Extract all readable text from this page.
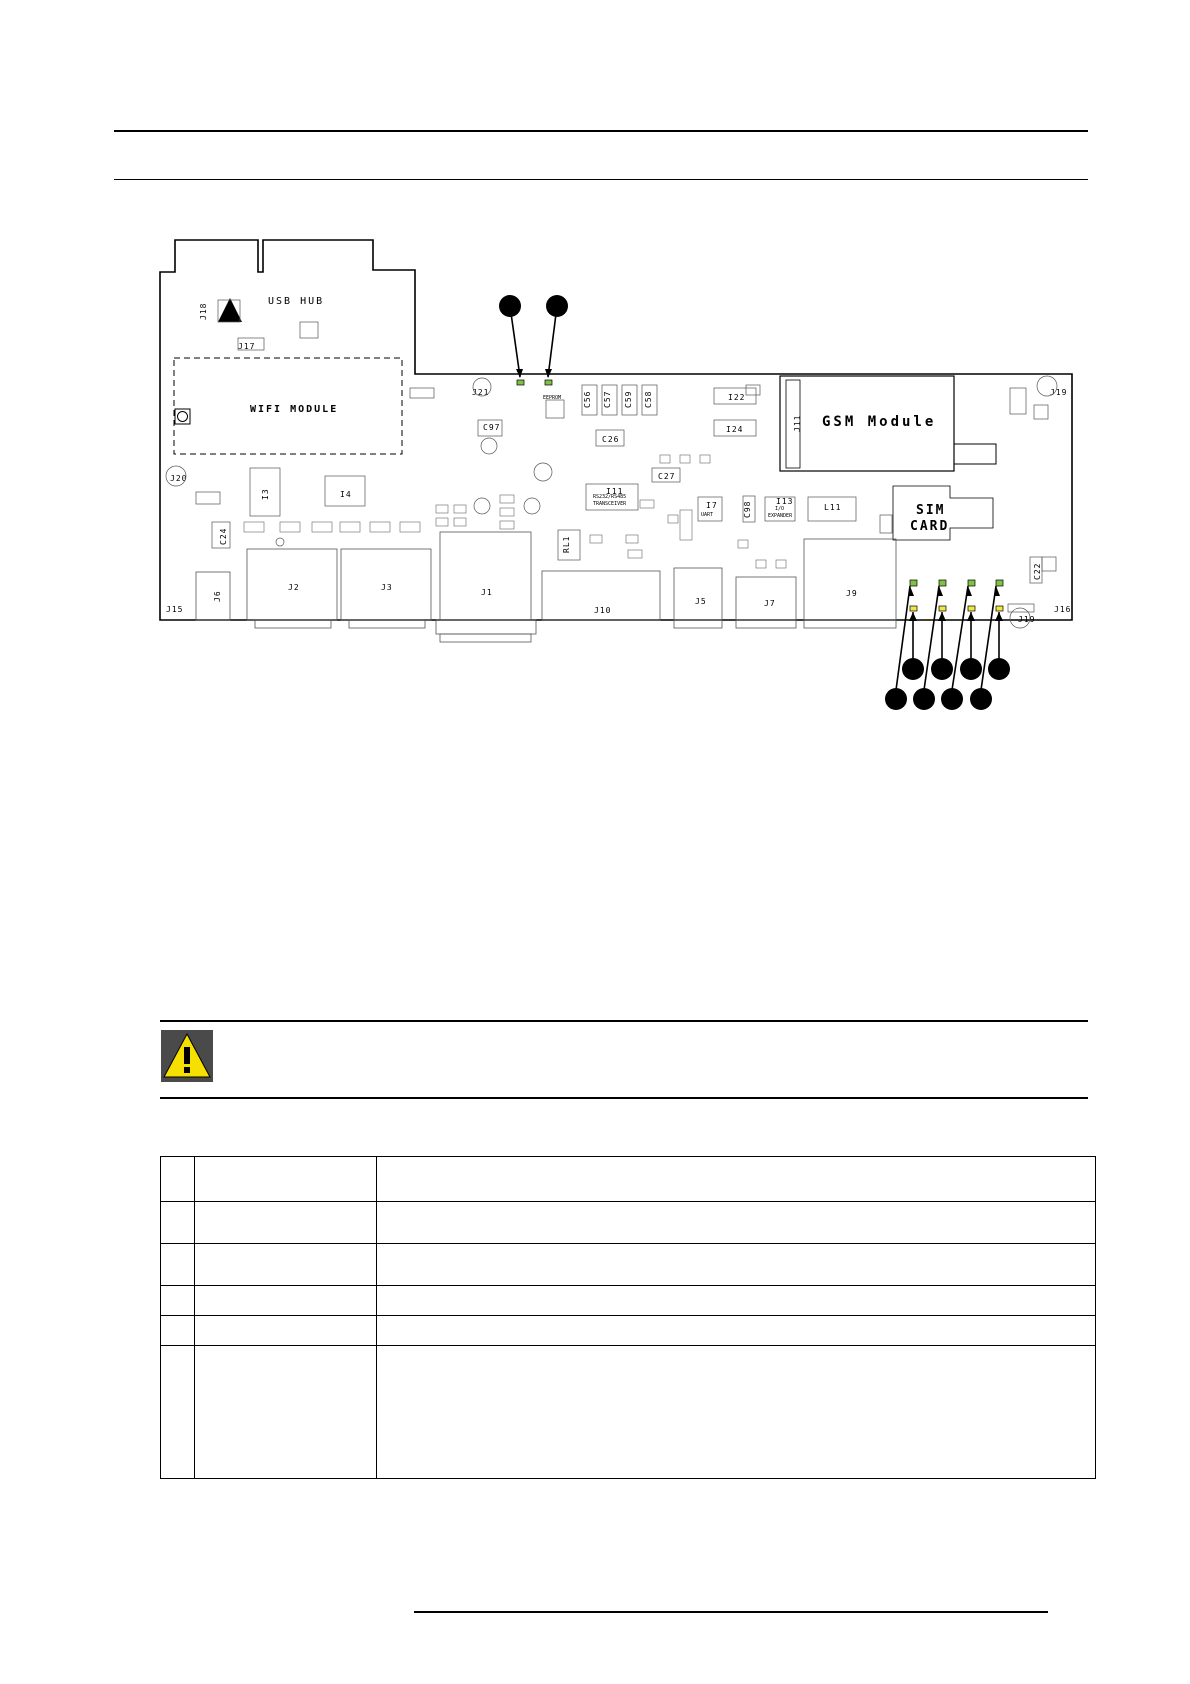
WIFI MODULE
USB HUB
GSM Module
SIM
CARD
J15
J6
J2	J3
J1
J10
J5	J7
J9
J16
J17
J18
J19
J20
J21
J11
J19
I3	I4
I7
I11
I13
I22
I24
L11
RL1
C22
C24
C26
C27
C56 C57	C58
C59
C97
C98
EEPROM
RS232/RS485
TRANSCEIVER
I/O
EXPANDER
UART
